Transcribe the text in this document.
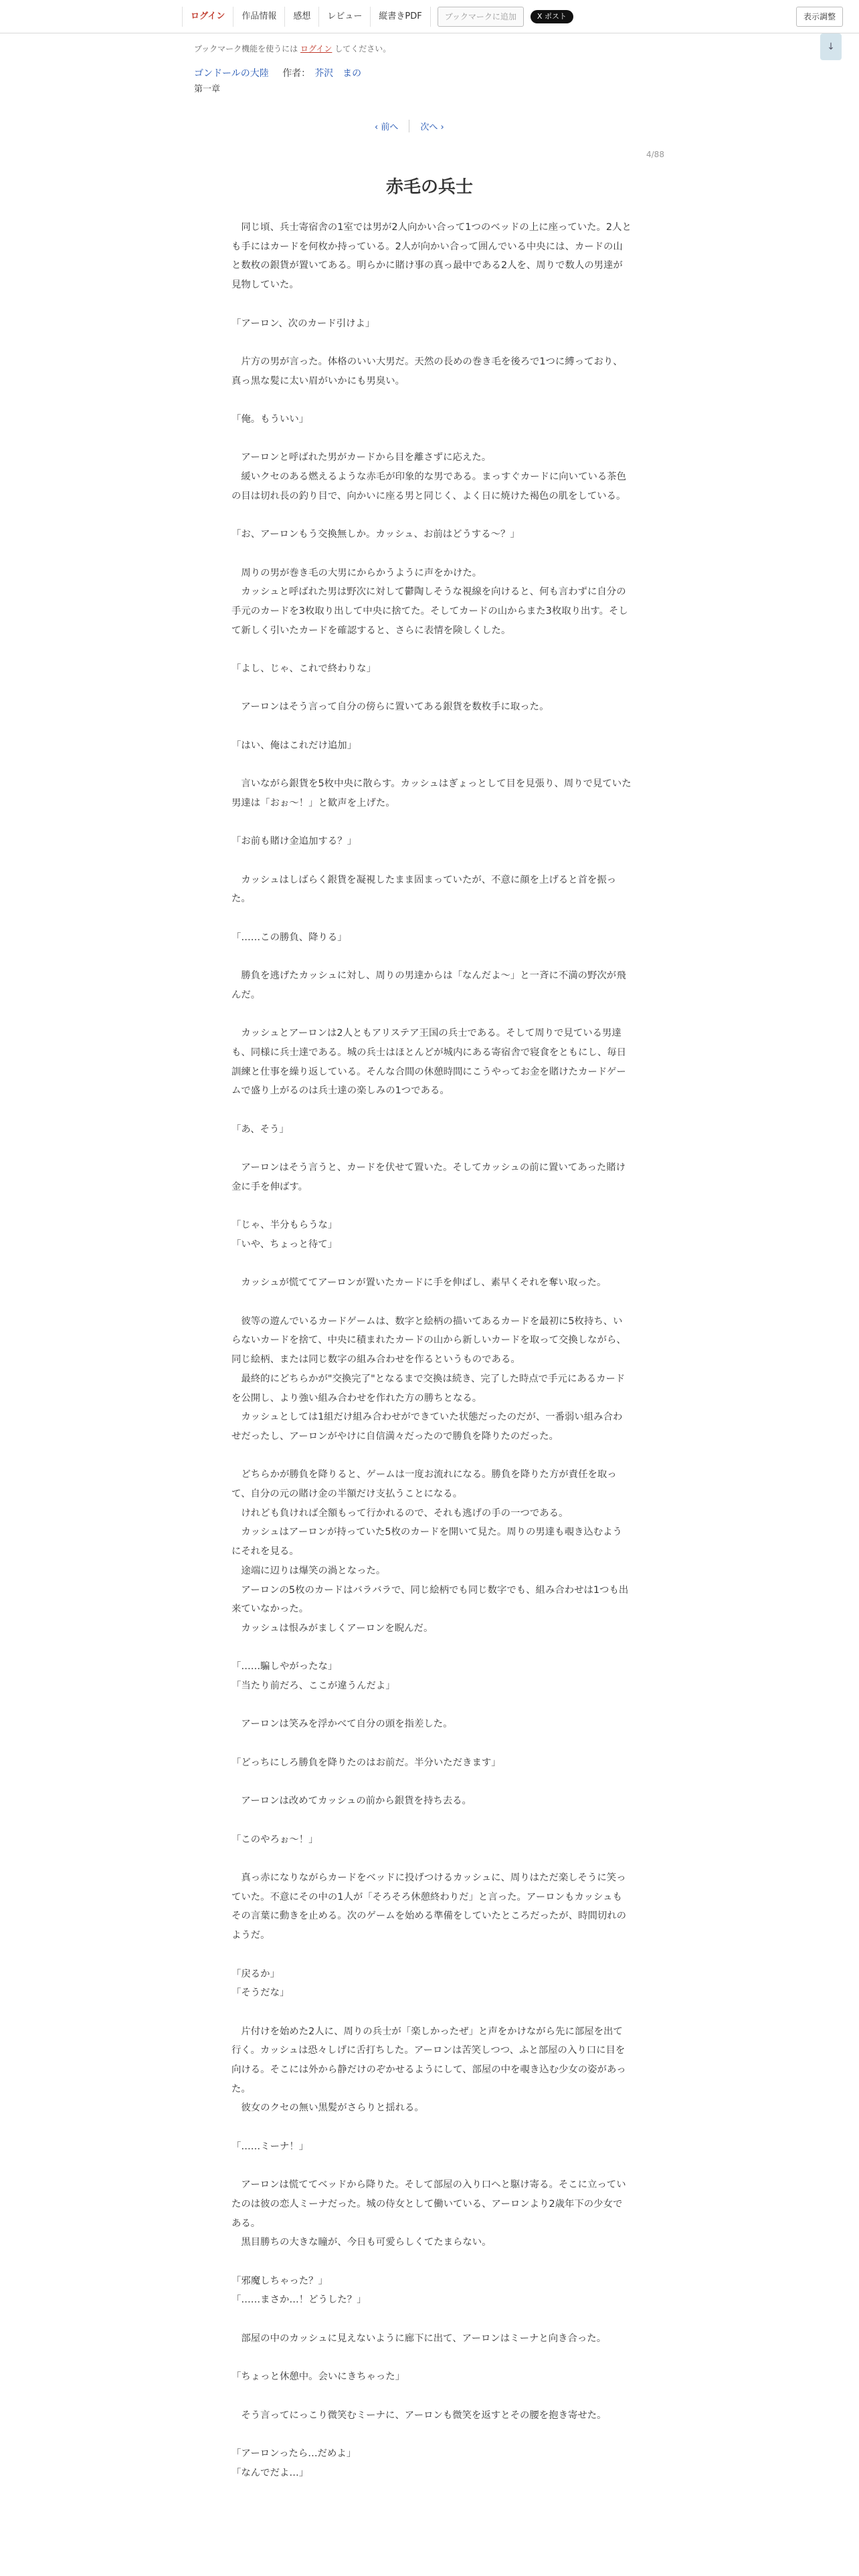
ログイン	作品情報	感想	レビュー	縦書きPDF	ブックマークに追加	X ポスト	表示調整
ブックマーク機能を使うには ログイン してください。
ゴンドールの大陸 作者： 芥沢　まの
第一章
↓
‹ 前へ	次へ ›
4/88
赤毛の兵士
同じ頃、兵士寄宿舎の1室では男が2人向かい合って1つのベッドの上に座っていた。2人とも手にはカードを何枚か持っている。2人が向かい合って囲んでいる中央には、カードの山と数枚の銀貨が置いてある。明らかに賭け事の真っ最中である2人を、周りで数人の男達が見物していた。
「アーロン、次のカード引けよ」
片方の男が言った。体格のいい大男だ。天然の長めの巻き毛を後ろで1つに縛っており、真っ黒な髪に太い眉がいかにも男臭い。
「俺。もういい」
アーロンと呼ばれた男がカードから目を離さずに応えた。
緩いクセのある燃えるような赤毛が印象的な男である。まっすぐカードに向いている茶色の目は切れ長の釣り目で、向かいに座る男と同じく、よく日に焼けた褐色の肌をしている。
「お、アーロンもう交換無しか。カッシュ、お前はどうする～？」
周りの男が巻き毛の大男にからかうように声をかけた。
カッシュと呼ばれた男は野次に対して鬱陶しそうな視線を向けると、何も言わずに自分の手元のカードを3枚取り出して中央に捨てた。そしてカードの山からまた3枚取り出す。そして新しく引いたカードを確認すると、さらに表情を険しくした。
「よし、じゃ、これで終わりな」
アーロンはそう言って自分の傍らに置いてある銀貨を数枚手に取った。
「はい、俺はこれだけ追加」
言いながら銀貨を5枚中央に散らす。カッシュはぎょっとして目を見張り、周りで見ていた男達は「おぉ～！」と歓声を上げた。
「お前も賭け金追加する？」
カッシュはしばらく銀貨を凝視したまま固まっていたが、不意に顔を上げると首を振った。
「……この勝負、降りる」
勝負を逃げたカッシュに対し、周りの男達からは「なんだよ～」と一斉に不満の野次が飛んだ。
カッシュとアーロンは2人ともアリステア王国の兵士である。そして周りで見ている男達も、同様に兵士達である。城の兵士はほとんどが城内にある寄宿舎で寝食をともにし、毎日訓練と仕事を繰り返している。そんな合間の休憩時間にこうやってお金を賭けたカードゲームで盛り上がるのは兵士達の楽しみの1つである。
「あ、そう」
アーロンはそう言うと、カードを伏せて置いた。そしてカッシュの前に置いてあった賭け金に手を伸ばす。
「じゃ、半分もらうな」
「いや、ちょっと待て」
カッシュが慌ててアーロンが置いたカードに手を伸ばし、素早くそれを奪い取った。
彼等の遊んでいるカードゲームは、数字と絵柄の描いてあるカードを最初に5枚持ち、いらないカードを捨て、中央に積まれたカードの山から新しいカードを取って交換しながら、同じ絵柄、または同じ数字の組み合わせを作るというものである。
最終的にどちらかが"交換完了"となるまで交換は続き、完了した時点で手元にあるカードを公開し、より強い組み合わせを作れた方の勝ちとなる。
カッシュとしては1組だけ組み合わせができていた状態だったのだが、一番弱い組み合わせだったし、アーロンがやけに自信満々だったので勝負を降りたのだった。
どちらかが勝負を降りると、ゲームは一度お流れになる。勝負を降りた方が責任を取って、自分の元の賭け金の半額だけ支払うことになる。
けれども負ければ全額もって行かれるので、それも逃げの手の一つである。
カッシュはアーロンが持っていた5枚のカードを開いて見た。周りの男達も覗き込むようにそれを見る。
途端に辺りは爆笑の渦となった。
アーロンの5枚のカードはバラバラで、同じ絵柄でも同じ数字でも、組み合わせは1つも出来ていなかった。
カッシュは恨みがましくアーロンを睨んだ。
「……騙しやがったな」
「当たり前だろ、ここが違うんだよ」
アーロンは笑みを浮かべて自分の頭を指差した。
「どっちにしろ勝負を降りたのはお前だ。半分いただきます」
アーロンは改めてカッシュの前から銀貨を持ち去る。
「このやろぉ～！」
真っ赤になりながらカードをベッドに投げつけるカッシュに、周りはただ楽しそうに笑っていた。不意にその中の1人が「そろそろ休憩終わりだ」と言った。アーロンもカッシュもその言葉に動きを止める。次のゲームを始める準備をしていたところだったが、時間切れのようだ。
「戻るか」
「そうだな」
片付けを始めた2人に、周りの兵士が「楽しかったぜ」と声をかけながら先に部屋を出て行く。カッシュは恐々しげに舌打ちした。アーロンは苦笑しつつ、ふと部屋の入り口に目を向ける。そこには外から静だけのぞかせるようにして、部屋の中を覗き込む少女の姿があった。
彼女のクセの無い黒髪がさらりと揺れる。
「……ミーナ！」
アーロンは慌ててベッドから降りた。そして部屋の入り口へと駆け寄る。そこに立っていたのは彼の恋人ミーナだった。城の侍女として働いている、アーロンより2歳年下の少女である。
黒目勝ちの大きな瞳が、今日も可愛らしくてたまらない。
「邪魔しちゃった？」
「……まさか…！どうした？」
部屋の中のカッシュに見えないように廊下に出て、アーロンはミーナと向き合った。
「ちょっと休憩中。会いにきちゃった」
そう言ってにっこり微笑むミーナに、アーロンも微笑を返すとその腰を抱き寄せた。
「アーロンったら…だめよ」
「なんでだよ…」
